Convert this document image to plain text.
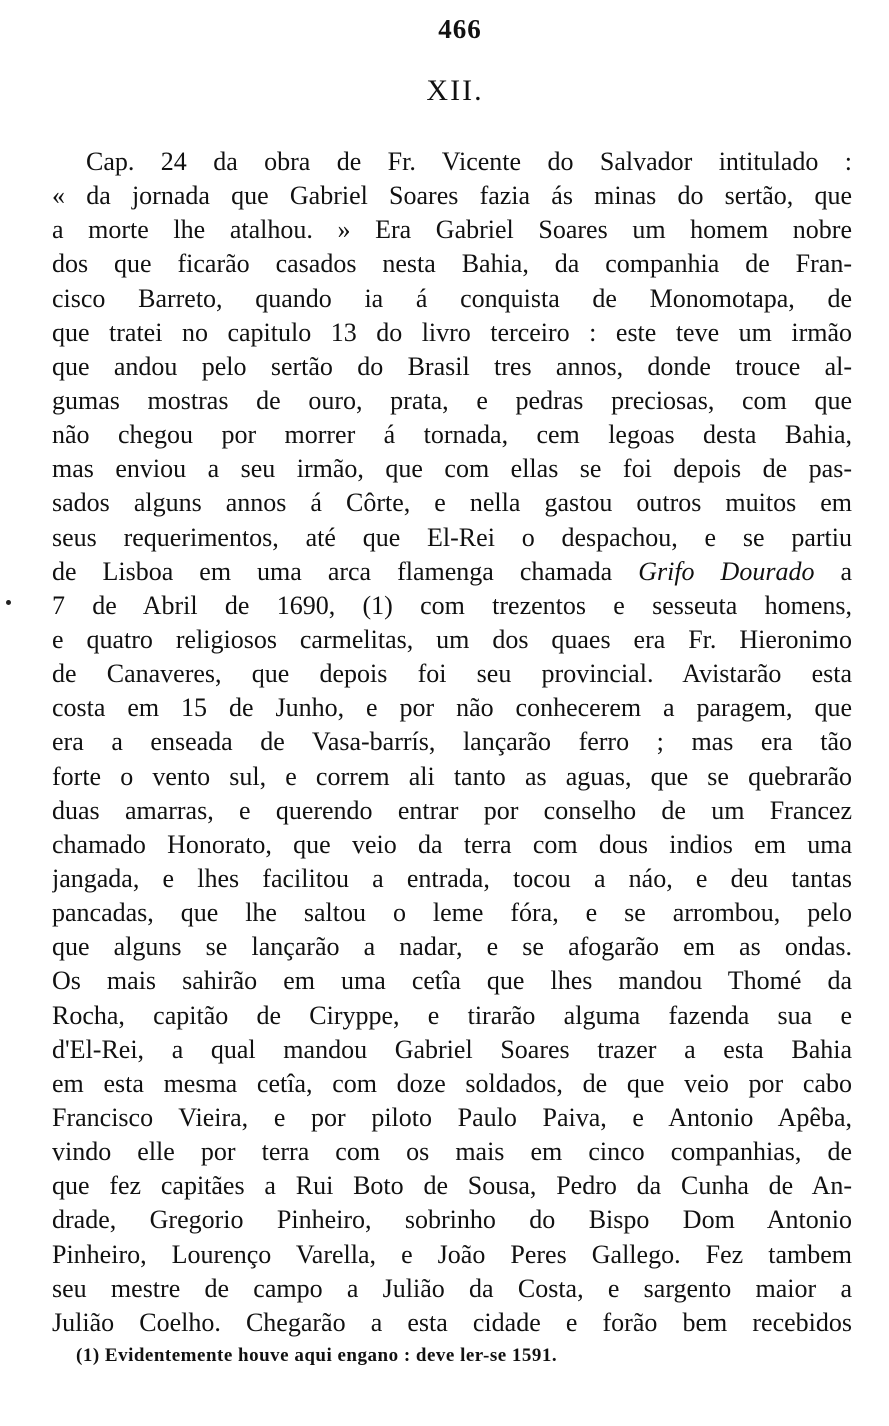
466
XII.
Cap. 24 da obra de Fr. Vicente do Salvador intitulado :
« da jornada que Gabriel Soares fazia ás minas do sertão, que
a morte lhe atalhou. » Era Gabriel Soares um homem nobre
dos que ficarão casados nesta Bahia, da companhia de Fran-
cisco Barreto, quando ia á conquista de Monomotapa, de
que tratei no capitulo 13 do livro terceiro : este teve um irmão
que andou pelo sertão do Brasil tres annos, donde trouce al-
gumas mostras de ouro, prata, e pedras preciosas, com que
não chegou por morrer á tornada, cem legoas desta Bahia,
mas enviou a seu irmão, que com ellas se foi depois de pas-
sados alguns annos á Côrte, e nella gastou outros muitos em
seus requerimentos, até que El-Rei o despachou, e se partiu
de Lisboa em uma arca flamenga chamada Grifo Dourado a
7 de Abril de 1690, (1) com trezentos e sesseuta homens,
e quatro religiosos carmelitas, um dos quaes era Fr. Hieronimo
de Canaveres, que depois foi seu provincial. Avistarão esta
costa em 15 de Junho, e por não conhecerem a paragem, que
era a enseada de Vasa-barrís, lançarão ferro ; mas era tão
forte o vento sul, e correm ali tanto as aguas, que se quebrarão
duas amarras, e querendo entrar por conselho de um Francez
chamado Honorato, que veio da terra com dous indios em uma
jangada, e lhes facilitou a entrada, tocou a náo, e deu tantas
pancadas, que lhe saltou o leme fóra, e se arrombou, pelo
que alguns se lançarão a nadar, e se afogarão em as ondas.
Os mais sahirão em uma cetîa que lhes mandou Thomé da
Rocha, capitão de Ciryppe, e tirarão alguma fazenda sua e
d'El-Rei, a qual mandou Gabriel Soares trazer a esta Bahia
em esta mesma cetîa, com doze soldados, de que veio por cabo
Francisco Vieira, e por piloto Paulo Paiva, e Antonio Apêba,
vindo elle por terra com os mais em cinco companhias, de
que fez capitães a Rui Boto de Sousa, Pedro da Cunha de An-
drade, Gregorio Pinheiro, sobrinho do Bispo Dom Antonio
Pinheiro, Lourenço Varella, e João Peres Gallego. Fez tambem
seu mestre de campo a Julião da Costa, e sargento maior a
Julião Coelho. Chegarão a esta cidade e forão bem recebidos
(1) Evidentemente houve aqui engano : deve ler-se 1591.
